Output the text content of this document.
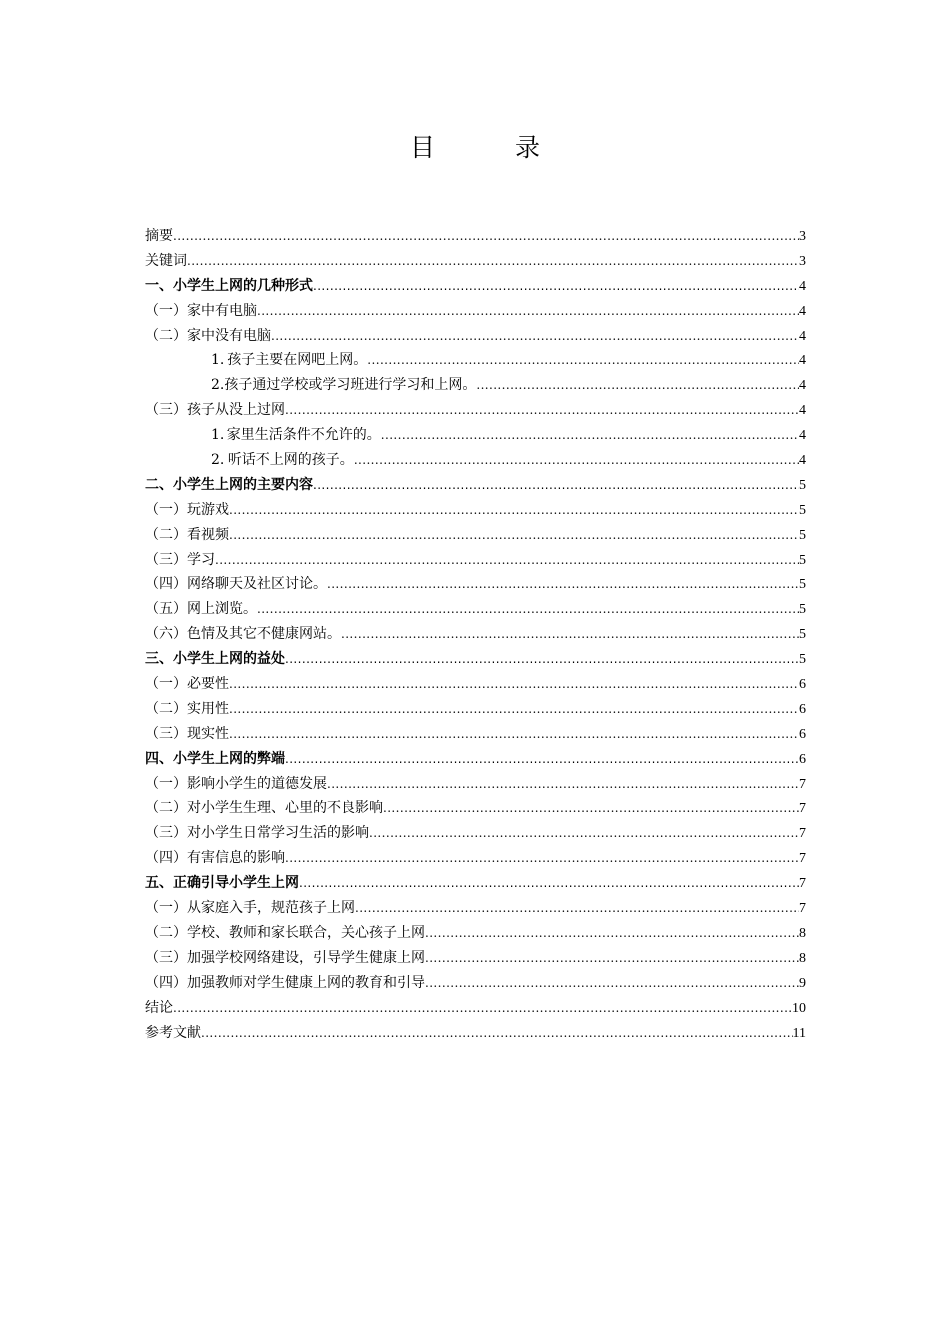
目 录
摘要 .....	3
关键词 .....	3
一、小学生上网的几种形式 .....	4
（一）家中有电脑 .....	4
（二）家中没有电脑 .....	4
1. 孩子主要在网吧上网。 .....	4
2. 孩子通过学校或学习班进行学习和上网。 .....	4
（三）孩子从没上过网 .....	4
1. 家里生活条件不允许的。 .....	4
2. 听话不上网的孩子。 .....	4
二、小学生上网的主要内容 .....	5
（一） 玩游戏 .....	5
（二） 看视频 .....	5
（三） 学习 .....	5
（四） 网络聊天及社区讨论。 .....	5
（五） 网上浏览。 .....	5
（六） 色情及其它不健康网站。 .....	5
三、小学生上网的益处 .....	5
（一） 必要性 .....	6
（二） 实用性 .....	6
（三） 现实性 .....	6
四、小学生上网的弊端 .....	6
（一） 影响小学生的道德发展 .....	7
（二） 对小学生生理、心里的不良影响 .....	7
（三） 对小学生日常学习生活的影响 .....	7
（四） 有害信息的影响 .....	7
五、正确引导小学生上网 .....	7
（一） 从家庭入手，规范孩子上网 .....	7
（二） 学校、教师和家长联合，关心孩子上网 .....	8
（三） 加强学校网络建设，引导学生健康上网 .....	8
（四） 加强教师对学生健康上网的教育和引导 .....	9
结论 .....	10
参考文献 .....	11
